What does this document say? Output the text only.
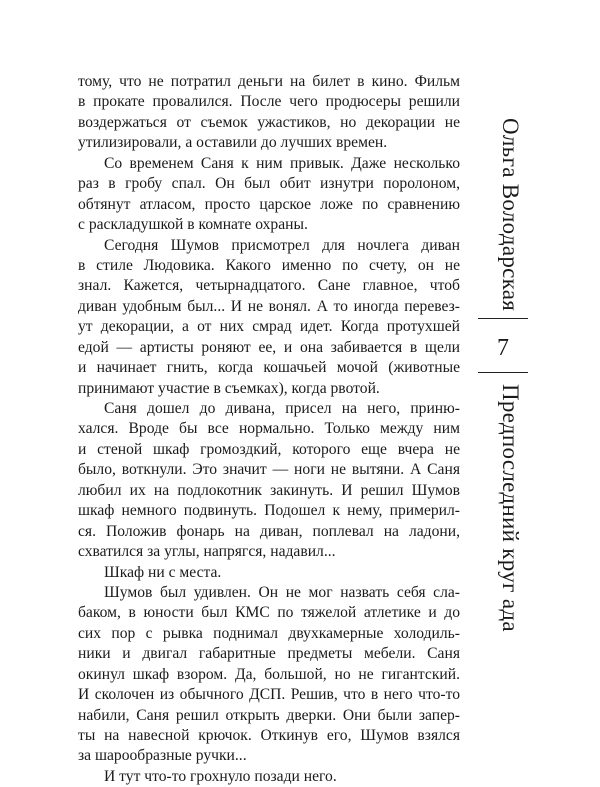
тому, что не потратил деньги на билет в кино. Фильм
в прокате провалился. После чего продюсеры решили
воздержаться от съемок ужастиков, но декорации не
утилизировали, а оставили до лучших времен.
Со временем Саня к ним привык. Даже несколько
раз в гробу спал. Он был обит изнутри поролоном,
обтянут атласом, просто царское ложе по сравнению
с раскладушкой в комнате охраны.
Сегодня Шумов присмотрел для ночлега диван
в стиле Людовика. Какого именно по счету, он не
знал. Кажется, четырнадцатого. Сане главное, чтоб
диван удобным был... И не вонял. А то иногда перевез-
ут декорации, а от них смрад идет. Когда протухшей
едой — артисты роняют ее, и она забивается в щели
и начинает гнить, когда кошачьей мочой (животные
принимают участие в съемках), когда рвотой.
Саня дошел до дивана, присел на него, приню-
хался. Вроде бы все нормально. Только между ним
и стеной шкаф громоздкий, которого еще вчера не
было, воткнули. Это значит — ноги не вытяни. А Саня
любил их на подлокотник закинуть. И решил Шумов
шкаф немного подвинуть. Подошел к нему, примерил-
ся. Положив фонарь на диван, поплевал на ладони,
схватился за углы, напрягся, надавил...
Шкаф ни с места.
Шумов был удивлен. Он не мог назвать себя сла-
баком, в юности был КМС по тяжелой атлетике и до
сих пор с рывка поднимал двухкамерные холодиль-
ники и двигал габаритные предметы мебели. Саня
окинул шкаф взором. Да, большой, но не гигантский.
И сколочен из обычного ДСП. Решив, что в него что-то
набили, Саня решил открыть дверки. Они были запер-
ты на навесной крючок. Откинув его, Шумов взялся
за шарообразные ручки...
И тут что-то грохнуло позади него.
Ольга Володарская
7
Предпоследний круг ада
